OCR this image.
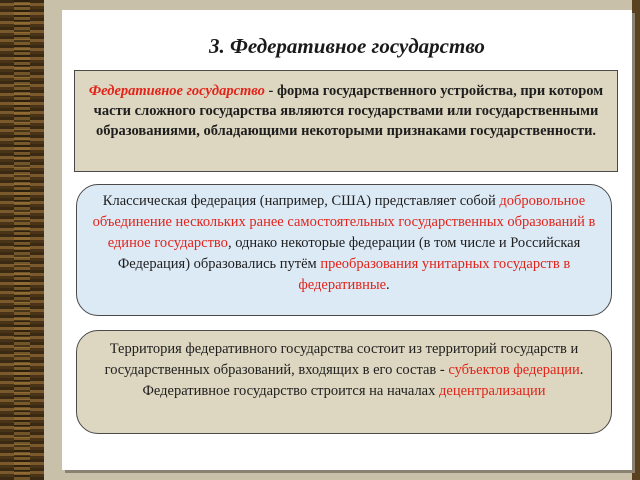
3. Федеративное государство
Федеративное государство - форма государственного устройства, при котором части сложного государства являются государствами или государственными образованиями, обладающими некоторыми признаками государственности.
Классическая федерация (например, США) представляет собой добровольное объединение нескольких ранее самостоятельных государственных образований в единое государство, однако некоторые федерации (в том числе и Российская Федерация) образовались путём преобразования унитарных государств в федеративные.
Территория федеративного государства состоит из территорий государств и государственных образований, входящих в его состав - субъектов федерации.
Федеративное государство строится на началах децентрализации
